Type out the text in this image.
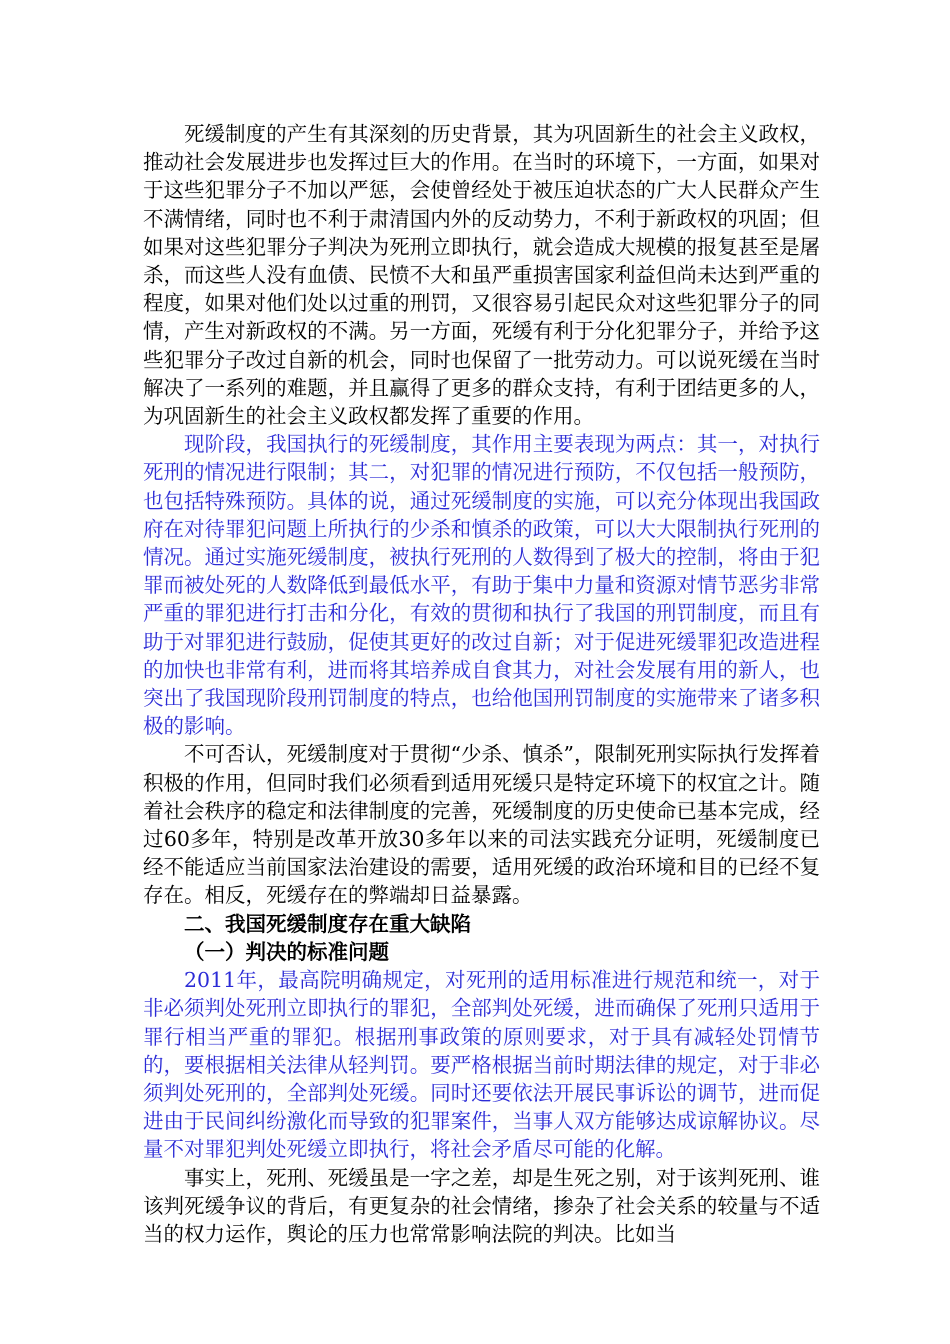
死缓制度的产生有其深刻的历史背景，其为巩固新生的社会主义政权，推动社会发展进步也发挥过巨大的作用。在当时的环境下，一方面，如果对于这些犯罪分子不加以严惩，会使曾经处于被压迫状态的广大人民群众产生不满情绪，同时也不利于肃清国内外的反动势力，不利于新政权的巩固；但如果对这些犯罪分子判决为死刑立即执行，就会造成大规模的报复甚至是屠杀，而这些人没有血债、民愤不大和虽严重损害国家利益但尚未达到严重的程度，如果对他们处以过重的刑罚，又很容易引起民众对这些犯罪分子的同情，产生对新政权的不满。另一方面，死缓有利于分化犯罪分子，并给予这些犯罪分子改过自新的机会，同时也保留了一批劳动力。可以说死缓在当时解决了一系列的难题，并且赢得了更多的群众支持，有利于团结更多的人，为巩固新生的社会主义政权都发挥了重要的作用。

现阶段，我国执行的死缓制度，其作用主要表现为两点：其一，对执行死刑的情况进行限制；其二，对犯罪的情况进行预防，不仅包括一般预防，也包括特殊预防。具体的说，通过死缓制度的实施，可以充分体现出我国政府在对待罪犯问题上所执行的少杀和慎杀的政策，可以大大限制执行死刑的情况。通过实施死缓制度，被执行死刑的人数得到了极大的控制，将由于犯罪而被处死的人数降低到最低水平，有助于集中力量和资源对情节恶劣非常严重的罪犯进行打击和分化，有效的贯彻和执行了我国的刑罚制度，而且有助于对罪犯进行鼓励，促使其更好的改过自新；对于促进死缓罪犯改造进程的加快也非常有利，进而将其培养成自食其力，对社会发展有用的新人，也突出了我国现阶段刑罚制度的特点，也给他国刑罚制度的实施带来了诸多积极的影响。

不可否认，死缓制度对于贯彻“少杀、慎杀”，限制死刑实际执行发挥着积极的作用，但同时我们必须看到适用死缓只是特定环境下的权宜之计。随着社会秩序的稳定和法律制度的完善，死缓制度的历史使命已基本完成，经过60多年，特别是改革开放30多年以来的司法实践充分证明，死缓制度已经不能适应当前国家法治建设的需要，适用死缓的政治环境和目的已经不复存在。相反，死缓存在的弊端却日益暴露。

二、我国死缓制度存在重大缺陷

（一）判决的标准问题

2011年，最高院明确规定，对死刑的适用标准进行规范和统一，对于非必须判处死刑立即执行的罪犯，全部判处死缓，进而确保了死刑只适用于罪行相当严重的罪犯。根据刑事政策的原则要求，对于具有减轻处罚情节的，要根据相关法律从轻判罚。要严格根据当前时期法律的规定，对于非必须判处死刑的，全部判处死缓。同时还要依法开展民事诉讼的调节，进而促进由于民间纠纷激化而导致的犯罪案件，当事人双方能够达成谅解协议。尽量不对罪犯判处死缓立即执行，将社会矛盾尽可能的化解。

事实上，死刑、死缓虽是一字之差，却是生死之别，对于该判死刑、谁该判死缓争议的背后，有更复杂的社会情绪，掺杂了社会关系的较量与不适当的权力运作，舆论的压力也常常影响法院的判决。比如当
